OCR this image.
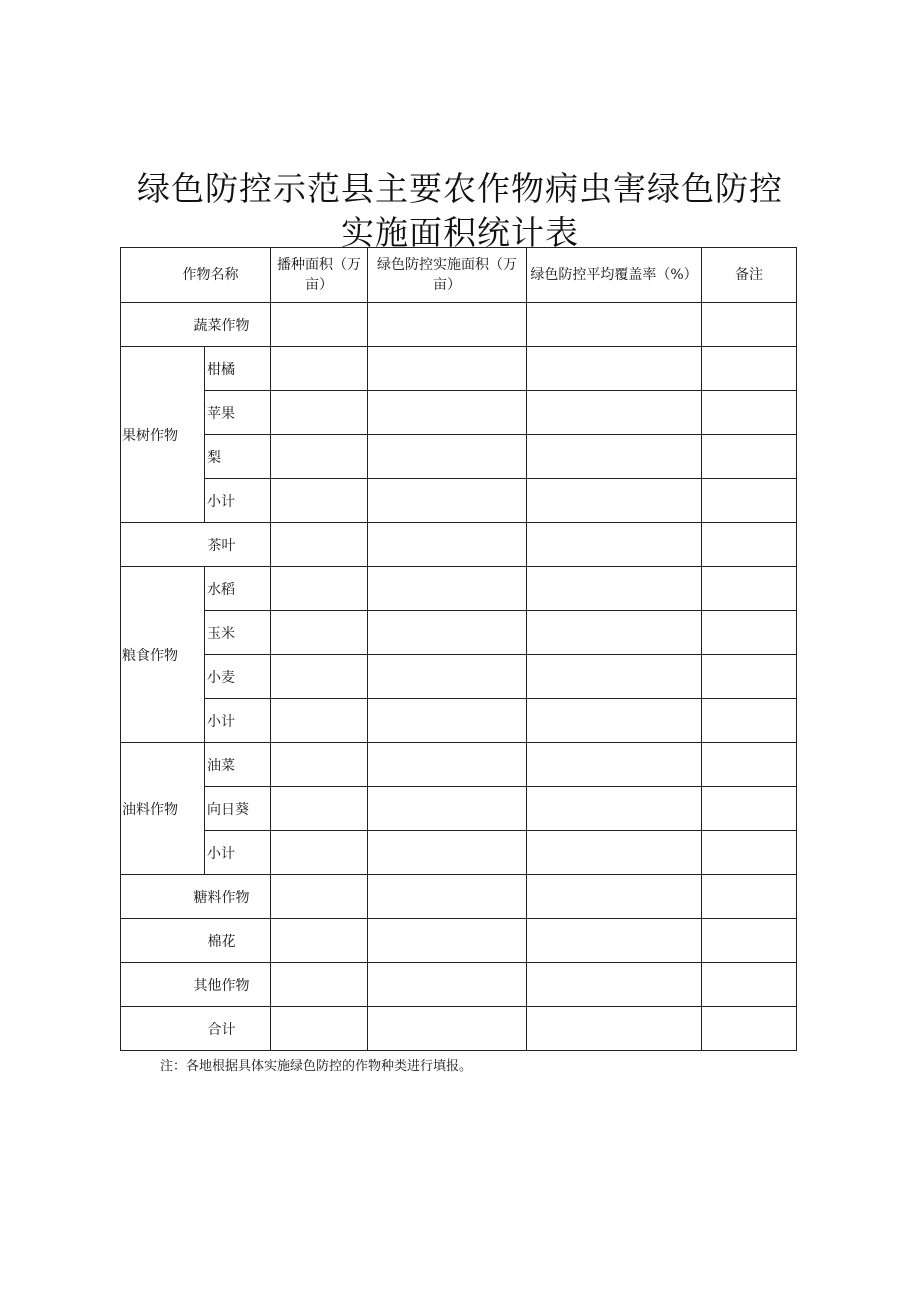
绿色防控示范县主要农作物病虫害绿色防控
实施面积统计表
作物名称		播种面积（万亩）	绿色防控实施面积（万亩）	绿色防控平均覆盖率（%）	备注
蔬菜作物					
果树作物	柑橘				
	苹果				
	梨				
	小计				
茶叶					
粮食作物	水稻				
	玉米				
	小麦				
	小计				
油料作物	油菜				
	向日葵				
	小计				
糖料作物					
棉花					
其他作物					
合计					
注：各地根据具体实施绿色防控的作物种类进行填报。
